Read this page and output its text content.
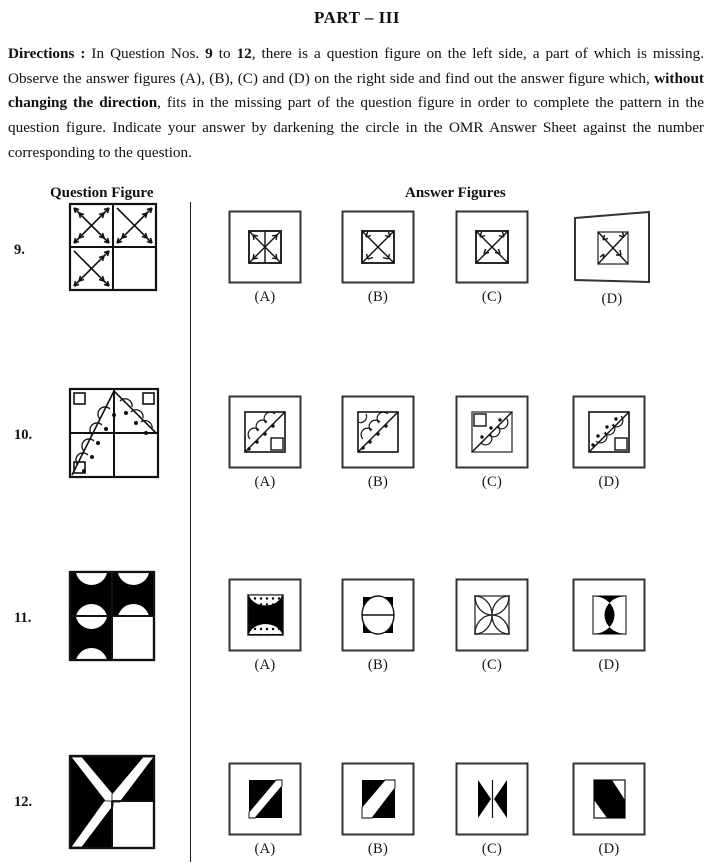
PART – III

Directions : In Question Nos. 9 to 12, there is a question figure on the left side, a part of which is missing. Observe the answer figures (A), (B), (C) and (D) on the right side and find out the answer figure which, without changing the direction, fits in the missing part of the question figure in order to complete the pattern in the question figure. Indicate your answer by darkening the circle in the OMR Answer Sheet against the number corresponding to the question.

Question Figure	Answer Figures
9.
(A)	(B)	(C)	(D)
10.
(A)	(B)	(C)	(D)
11.
(A)	(B)	(C)	(D)
12.
(A)	(B)	(C)	(D)
